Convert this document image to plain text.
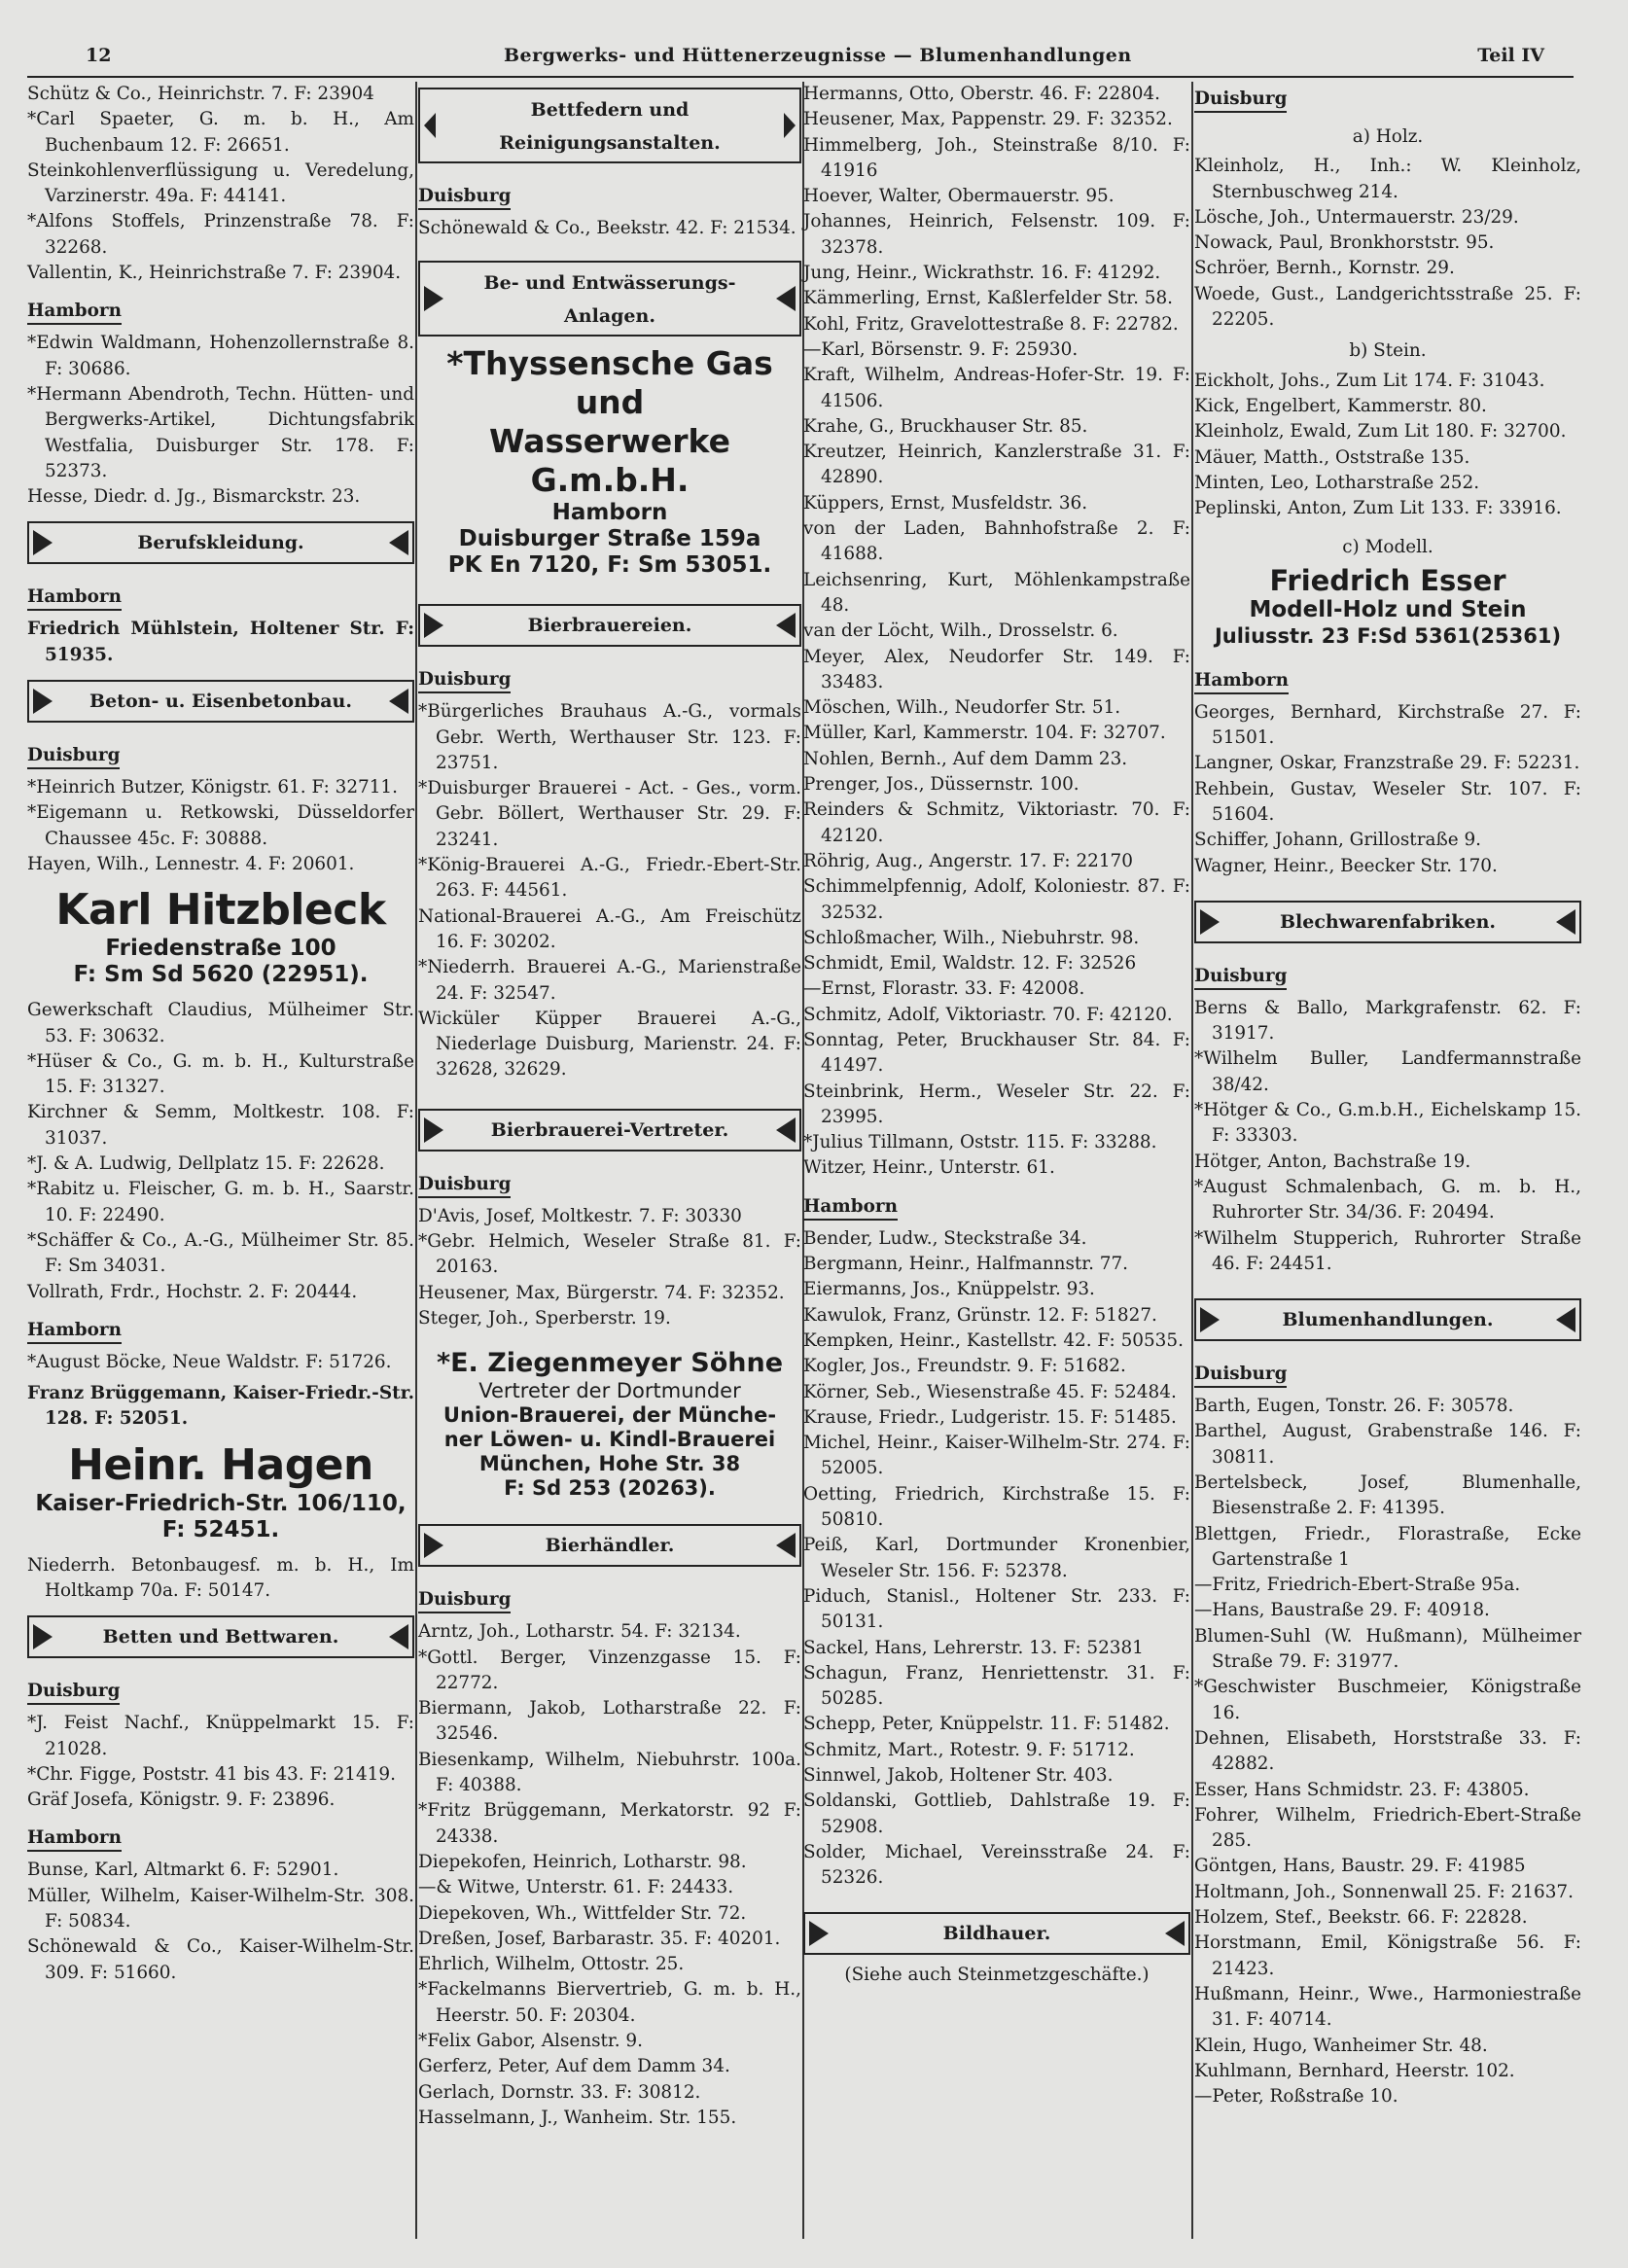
12	Bergwerks- und Hüttenerzeugnisse — Blumenhandlungen	Teil IV
Schütz & Co., Heinrichstr. 7. F: 23904
*Carl Spaeter, G. m. b. H., Am Buchenbaum 12. F: 26651.
Steinkohlenverflüssigung u. Veredelung, Varzinerstr. 49a. F: 44141.
*Alfons Stoffels, Prinzenstraße 78. F: 32268.
Vallentin, K., Heinrichstraße 7. F: 23904.
Hamborn
*Edwin Waldmann, Hohenzollernstraße 8. F: 30686.
*Hermann Abendroth, Techn. Hütten- und Bergwerks-Artikel, Dichtungsfabrik Westfalia, Duisburger Str. 178. F: 52373.
Hesse, Diedr. d. Jg., Bismarckstr. 23.
Berufskleidung.
Hamborn
Friedrich Mühlstein, Holtener Str. F: 51935.
Beton- u. Eisenbetonbau.
Duisburg
*Heinrich Butzer, Königstr. 61. F: 32711.
*Eigemann u. Retkowski, Düsseldorfer Chaussee 45c. F: 30888.
Hayen, Wilh., Lennestr. 4. F: 20601.
Karl Hitzbleck
Friedenstraße 100
F: Sm Sd 5620 (22951).
Gewerkschaft Claudius, Mülheimer Str. 53. F: 30632.
*Hüser & Co., G. m. b. H., Kulturstraße 15. F: 31327.
Kirchner & Semm, Moltkestr. 108. F: 31037.
*J. & A. Ludwig, Dellplatz 15. F: 22628.
*Rabitz u. Fleischer, G. m. b. H., Saarstr. 10. F: 22490.
*Schäffer & Co., A.-G., Mülheimer Str. 85. F: Sm 34031.
Vollrath, Frdr., Hochstr. 2. F: 20444.
Hamborn
*August Böcke, Neue Waldstr. F: 51726.
Franz Brüggemann, Kaiser-Friedr.-Str. 128. F: 52051.
Heinr. Hagen
Kaiser-Friedrich-Str. 106/110,
F: 52451.
Niederrh. Betonbaugesf. m. b. H., Im Holtkamp 70a. F: 50147.
Betten und Bettwaren.
Duisburg
*J. Feist Nachf., Knüppelmarkt 15. F: 21028.
*Chr. Figge, Poststr. 41 bis 43. F: 21419.
Gräf Josefa, Königstr. 9. F: 23896.
Hamborn
Bunse, Karl, Altmarkt 6. F: 52901.
Müller, Wilhelm, Kaiser-Wilhelm-Str. 308. F: 50834.
Schönewald & Co., Kaiser-Wilhelm-Str. 309. F: 51660.
Bettfedern und
Reinigungsanstalten.
Duisburg
Schönewald & Co., Beekstr. 42. F: 21534.
Be- und Entwässerungs-
Anlagen.
*Thyssensche Gas und
Wasserwerke G.m.b.H.
Hamborn
Duisburger Straße 159a
PK En 7120, F: Sm 53051.
Bierbrauereien.
Duisburg
*Bürgerliches Brauhaus A.-G., vormals Gebr. Werth, Werthauser Str. 123. F: 23751.
*Duisburger Brauerei - Act. - Ges., vorm. Gebr. Böllert, Werthauser Str. 29. F: 23241.
*König-Brauerei A.-G., Friedr.-Ebert-Str. 263. F: 44561.
National-Brauerei A.-G., Am Freischütz 16. F: 30202.
*Niederrh. Brauerei A.-G., Marienstraße 24. F: 32547.
Wicküler Küpper Brauerei A.-G., Niederlage Duisburg, Marienstr. 24. F: 32628, 32629.
Bierbrauerei-Vertreter.
Duisburg
D'Avis, Josef, Moltkestr. 7. F: 30330
*Gebr. Helmich, Weseler Straße 81. F: 20163.
Heusener, Max, Bürgerstr. 74. F: 32352.
Steger, Joh., Sperberstr. 19.
*E. Ziegenmeyer Söhne
Vertreter der Dortmunder
Union-Brauerei, der Münche-
ner Löwen- u. Kindl-Brauerei
München, Hohe Str. 38
F: Sd 253 (20263).
Bierhändler.
Duisburg
Arntz, Joh., Lotharstr. 54. F: 32134.
*Gottl. Berger, Vinzenzgasse 15. F: 22772.
Biermann, Jakob, Lotharstraße 22. F: 32546.
Biesenkamp, Wilhelm, Niebuhrstr. 100a. F: 40388.
*Fritz Brüggemann, Merkatorstr. 92 F: 24338.
Diepekofen, Heinrich, Lotharstr. 98.
—& Witwe, Unterstr. 61. F: 24433.
Diepekoven, Wh., Wittfelder Str. 72.
Dreßen, Josef, Barbarastr. 35. F: 40201.
Ehrlich, Wilhelm, Ottostr. 25.
*Fackelmanns Biervertrieb, G. m. b. H., Heerstr. 50. F: 20304.
*Felix Gabor, Alsenstr. 9.
Gerferz, Peter, Auf dem Damm 34.
Gerlach, Dornstr. 33. F: 30812.
Hasselmann, J., Wanheim. Str. 155.
Hermanns, Otto, Oberstr. 46. F: 22804.
Heusener, Max, Pappenstr. 29. F: 32352.
Himmelberg, Joh., Steinstraße 8/10. F: 41916
Hoever, Walter, Obermauerstr. 95.
Johannes, Heinrich, Felsenstr. 109. F: 32378.
Jung, Heinr., Wickrathstr. 16. F: 41292.
Kämmerling, Ernst, Kaßlerfelder Str. 58.
Kohl, Fritz, Gravelottestraße 8. F: 22782.
—Karl, Börsenstr. 9. F: 25930.
Kraft, Wilhelm, Andreas-Hofer-Str. 19. F: 41506.
Krahe, G., Bruckhauser Str. 85.
Kreutzer, Heinrich, Kanzlerstraße 31. F: 42890.
Küppers, Ernst, Musfeldstr. 36.
von der Laden, Bahnhofstraße 2. F: 41688.
Leichsenring, Kurt, Möhlenkampstraße 48.
van der Löcht, Wilh., Drosselstr. 6.
Meyer, Alex, Neudorfer Str. 149. F: 33483.
Möschen, Wilh., Neudorfer Str. 51.
Müller, Karl, Kammerstr. 104. F: 32707.
Nohlen, Bernh., Auf dem Damm 23.
Prenger, Jos., Düssernstr. 100.
Reinders & Schmitz, Viktoriastr. 70. F: 42120.
Röhrig, Aug., Angerstr. 17. F: 22170
Schimmelpfennig, Adolf, Koloniestr. 87. F: 32532.
Schloßmacher, Wilh., Niebuhrstr. 98.
Schmidt, Emil, Waldstr. 12. F: 32526
—Ernst, Florastr. 33. F: 42008.
Schmitz, Adolf, Viktoriastr. 70. F: 42120.
Sonntag, Peter, Bruckhauser Str. 84. F: 41497.
Steinbrink, Herm., Weseler Str. 22. F: 23995.
*Julius Tillmann, Oststr. 115. F: 33288.
Witzer, Heinr., Unterstr. 61.
Hamborn
Bender, Ludw., Steckstraße 34.
Bergmann, Heinr., Halfmannstr. 77.
Eiermanns, Jos., Knüppelstr. 93.
Kawulok, Franz, Grünstr. 12. F: 51827.
Kempken, Heinr., Kastellstr. 42. F: 50535.
Kogler, Jos., Freundstr. 9. F: 51682.
Körner, Seb., Wiesenstraße 45. F: 52484.
Krause, Friedr., Ludgeristr. 15. F: 51485.
Michel, Heinr., Kaiser-Wilhelm-Str. 274. F: 52005.
Oetting, Friedrich, Kirchstraße 15. F: 50810.
Peiß, Karl, Dortmunder Kronenbier, Weseler Str. 156. F: 52378.
Piduch, Stanisl., Holtener Str. 233. F: 50131.
Sackel, Hans, Lehrerstr. 13. F: 52381
Schagun, Franz, Henriettenstr. 31. F: 50285.
Schepp, Peter, Knüppelstr. 11. F: 51482.
Schmitz, Mart., Rotestr. 9. F: 51712.
Sinnwel, Jakob, Holtener Str. 403.
Soldanski, Gottlieb, Dahlstraße 19. F: 52908.
Solder, Michael, Vereinsstraße 24. F: 52326.
Bildhauer.
(Siehe auch Steinmetzgeschäfte.)
Duisburg
a) Holz.
Kleinholz, H., Inh.: W. Kleinholz, Sternbuschweg 214.
Lösche, Joh., Untermauerstr. 23/29.
Nowack, Paul, Bronkhorststr. 95.
Schröer, Bernh., Kornstr. 29.
Woede, Gust., Landgerichtsstraße 25. F: 22205.
b) Stein.
Eickholt, Johs., Zum Lit 174. F: 31043.
Kick, Engelbert, Kammerstr. 80.
Kleinholz, Ewald, Zum Lit 180. F: 32700.
Mäuer, Matth., Oststraße 135.
Minten, Leo, Lotharstraße 252.
Peplinski, Anton, Zum Lit 133. F: 33916.
c) Modell.
Friedrich Esser
Modell-Holz und Stein
Juliusstr. 23 F:Sd 5361(25361)
Hamborn
Georges, Bernhard, Kirchstraße 27. F: 51501.
Langner, Oskar, Franzstraße 29. F: 52231.
Rehbein, Gustav, Weseler Str. 107. F: 51604.
Schiffer, Johann, Grillostraße 9.
Wagner, Heinr., Beecker Str. 170.
Blechwarenfabriken.
Duisburg
Berns & Ballo, Markgrafenstr. 62. F: 31917.
*Wilhelm Buller, Landfermannstraße 38/42.
*Hötger & Co., G.m.b.H., Eichelskamp 15. F: 33303.
Hötger, Anton, Bachstraße 19.
*August Schmalenbach, G. m. b. H., Ruhrorter Str. 34/36. F: 20494.
*Wilhelm Stupperich, Ruhrorter Straße 46. F: 24451.
Blumenhandlungen.
Duisburg
Barth, Eugen, Tonstr. 26. F: 30578.
Barthel, August, Grabenstraße 146. F: 30811.
Bertelsbeck, Josef, Blumenhalle, Biesenstraße 2. F: 41395.
Blettgen, Friedr., Florastraße, Ecke Gartenstraße 1
—Fritz, Friedrich-Ebert-Straße 95a.
—Hans, Baustraße 29. F: 40918.
Blumen-Suhl (W. Hußmann), Mülheimer Straße 79. F: 31977.
*Geschwister Buschmeier, Königstraße 16.
Dehnen, Elisabeth, Horststraße 33. F: 42882.
Esser, Hans Schmidstr. 23. F: 43805.
Fohrer, Wilhelm, Friedrich-Ebert-Straße 285.
Göntgen, Hans, Baustr. 29. F: 41985
Holtmann, Joh., Sonnenwall 25. F: 21637.
Holzem, Stef., Beekstr. 66. F: 22828.
Horstmann, Emil, Königstraße 56. F: 21423.
Hußmann, Heinr., Wwe., Harmoniestraße 31. F: 40714.
Klein, Hugo, Wanheimer Str. 48.
Kuhlmann, Bernhard, Heerstr. 102.
—Peter, Roßstraße 10.
